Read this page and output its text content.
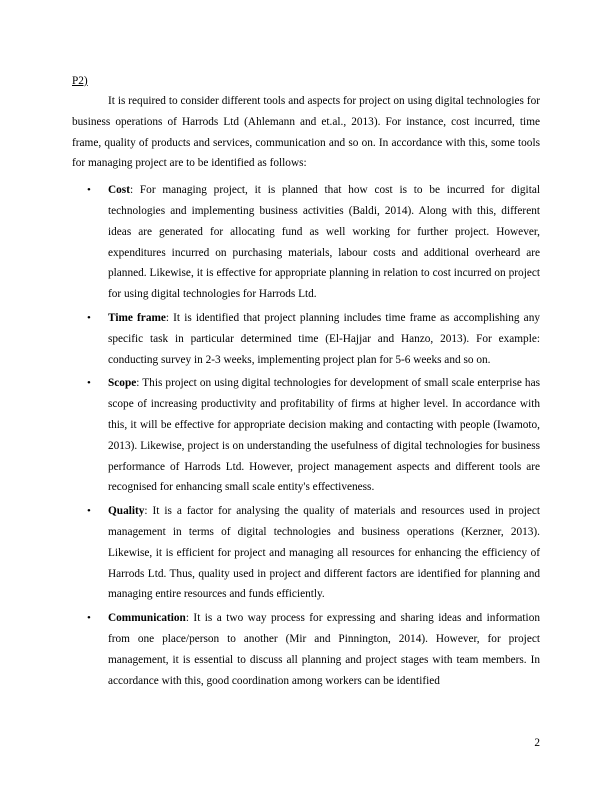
P2)

It is required to consider different tools and aspects for project on using digital technologies for business operations of Harrods Ltd (Ahlemann and et.al., 2013). For instance, cost incurred, time frame, quality of products and services, communication and so on. In accordance with this, some tools for managing project are to be identified as follows:

• Cost: For managing project, it is planned that how cost is to be incurred for digital technologies and implementing business activities (Baldi, 2014). Along with this, different ideas are generated for allocating fund as well working for further project. However, expenditures incurred on purchasing materials, labour costs and additional overheard are planned. Likewise, it is effective for appropriate planning in relation to cost incurred on project for using digital technologies for Harrods Ltd.
• Time frame: It is identified that project planning includes time frame as accomplishing any specific task in particular determined time (El-Hajjar and Hanzo, 2013). For example: conducting survey in 2-3 weeks, implementing project plan for 5-6 weeks and so on.
• Scope: This project on using digital technologies for development of small scale enterprise has scope of increasing productivity and profitability of firms at higher level. In accordance with this, it will be effective for appropriate decision making and contacting with people (Iwamoto, 2013). Likewise, project is on understanding the usefulness of digital technologies for business performance of Harrods Ltd. However, project management aspects and different tools are recognised for enhancing small scale entity's effectiveness.
• Quality: It is a factor for analysing the quality of materials and resources used in project management in terms of digital technologies and business operations (Kerzner, 2013). Likewise, it is efficient for project and managing all resources for enhancing the efficiency of Harrods Ltd. Thus, quality used in project and different factors are identified for planning and managing entire resources and funds efficiently.
• Communication: It is a two way process for expressing and sharing ideas and information from one place/person to another (Mir and Pinnington, 2014). However, for project management, it is essential to discuss all planning and project stages with team members. In accordance with this, good coordination among workers can be identified
2
